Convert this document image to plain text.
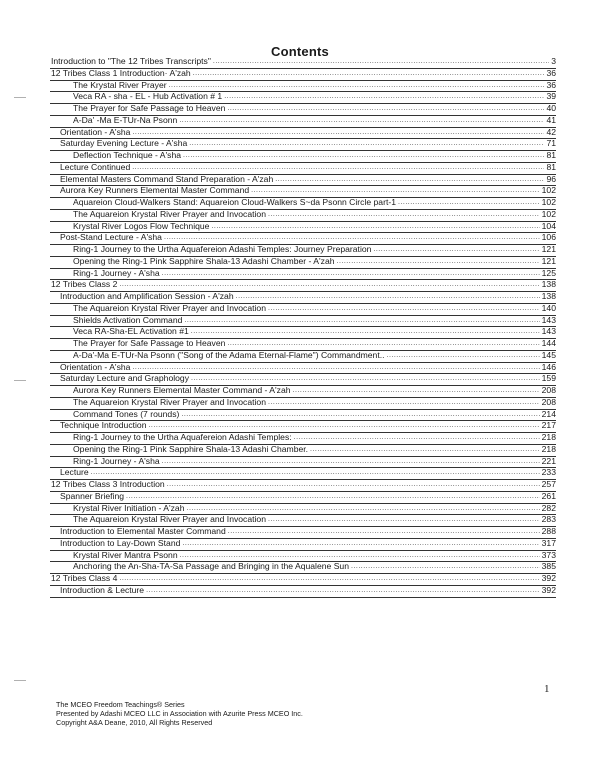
Contents
Introduction to "The 12 Tribes Transcripts" .....	3
12 Tribes Class 1 Introduction· A'zah .....	36
The Krystal River Prayer .....	36
Veca RA - sha - EL - Hub Activation # 1 .....	39
The Prayer for Safe Passage to Heaven .....	40
A-Da' -Ma E-TUr-Na Psonn .....	41
Orientation - A'sha .....	42
Saturday Evening Lecture - A'sha .....	71
Deflection Technique - A'sha .....	81
Lecture Continued .....	81
Elemental Masters Command Stand Preparation - A'zah .....	96
Aurora Key Runners Elemental Master Command .....	102
Aquareion Cloud-Walkers Stand: Aquareion Cloud-Walkers S~da Psonn Circle part-1 .....	102
The Aquareion Krystal River Prayer and Invocation .....	102
Krystal River Logos Flow Technique .....	104
Post-Stand Lecture - A'sha .....	106
Ring-1 Journey to the Urtha Aquafereion Adashi Temples: Journey Preparation .....	121
Opening the Ring-1 Pink Sapphire Shala-13 Adashi Chamber - A'zah .....	121
Ring-1 Journey - A'sha .....	125
12 Tribes Class 2 .....	138
Introduction and Amplification Session - A'zah .....	138
The Aquareion Krystal River Prayer and Invocation .....	140
Shields Activation Command .....	143
Veca RA-Sha-EL Activation #1 .....	143
The Prayer for Safe Passage to Heaven .....	144
A-Da'-Ma E-TUr-Na Psonn ("Song of the Adama Eternal-Flame") Commandment.. .....	145
Orientation - A'sha .....	146
Saturday Lecture and Graphology .....	159
Aurora Key Runners Elemental Master Command - A'zah .....	208
The Aquareion Krystal River Prayer and Invocation .....	208
Command Tones (7 rounds) .....	214
Technique Introduction .....	217
Ring-1 Journey to the Urtha Aquafereion Adashi Temples: .....	218
Opening the Ring-1 Pink Sapphire Shala-13 Adashi Chamber. .....	218
Ring-1 Journey - A'sha .....	221
Lecture .....	233
12 Tribes Class 3 Introduction .....	257
Spanner Briefing .....	261
Krystal River Initiation - A'zah .....	282
The Aquareion Krystal River Prayer and Invocation .....	283
Introduction to Elemental Master Command .....	288
Introduction to Lay-Down Stand .....	317
Krystal River Mantra Psonn .....	373
Anchoring the An-Sha-TA-Sa Passage and Bringing in the Aqualene Sun .....	385
12 Tribes Class 4 .....	392
Introduction & Lecture .....	392
1
The MCEO Freedom Teachings® Series
Presented by Adashi MCEO LLC in Association with Azurite Press MCEO Inc.
Copyright A&A Deane, 2010, All Rights Reserved
